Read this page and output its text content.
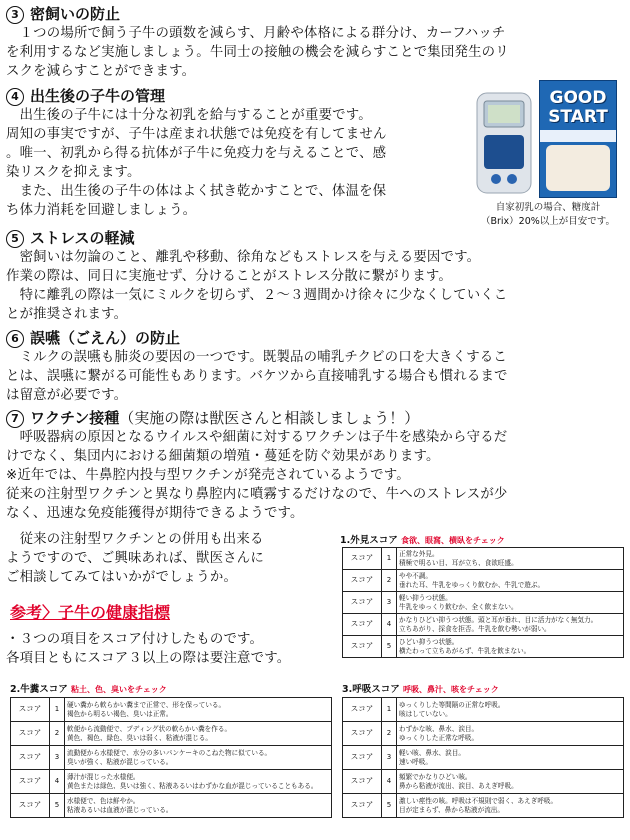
3 密飼いの防止
　１つの場所で飼う子牛の頭数を減らす、月齢や体格による群分け、カーフハッチ
を利用するなど実施しましょう。牛同士の接触の機会を減らすことで集団発生のリ
スクを減らすことができます。
4 出生後の子牛の管理
　出生後の子牛には十分な初乳を給与することが重要です。
周知の事実ですが、子牛は産まれ状態では免疫を有してません
。唯一、初乳から得る抗体が子牛に免疫力を与えることで、感
染リスクを抑えます。
　また、出生後の子牛の体はよく拭き乾かすことで、体温を保
ち体力消耗を回避しましょう。
GOOD
START
自家初乳の場合、糖度計
（Brix）20%以上が目安です。
5 ストレスの軽減
　密飼いは勿論のこと、離乳や移動、徐角などもストレスを与える要因です。
作業の際は、同日に実施せず、分けることがストレス分散に繋がります。
　特に離乳の際は一気にミルクを切らず、２～３週間かけ徐々に少なくしていくこ
とが推奨されます。
6 誤嚥（ごえん）の防止
　ミルクの誤嚥も肺炎の要因の一つです。既製品の哺乳チクビの口を大きくするこ
とは、誤嚥に繋がる可能性もあります。バケツから直接哺乳する場合も慣れるまで
は留意が必要です。
7 ワクチン接種（実施の際は獣医さんと相談しましょう！）
　呼吸器病の原因となるウイルスや細菌に対するワクチンは子牛を感染から守るだ
けでなく、集団内における細菌類の増殖・蔓延を防ぐ効果があります。
※近年では、牛鼻腔内投与型ワクチンが発売されているようです。
従来の注射型ワクチンと異なり鼻腔内に噴霧するだけなので、牛へのストレスが少
なく、迅速な免疫能獲得が期待できるようです。
　従来の注射型ワクチンとの併用も出来る
ようですので、ご興味あれば、獣医さんに
ご相談してみてはいかがでしょうか。
参考〉子牛の健康指標
・３つの項目をスコア付けしたものです。
各項目ともにスコア３以上の際は要注意です。
1.外見スコア 食欲、眼窩、横臥をチェック
スコア	1	正常な外見。
積極で明るい目、耳が立ち、食欲旺盛。

スコア	2	やや不調。
垂れた耳、牛乳をゆっくり飲むか、牛乳で遊ぶ。

スコア	3	軽い抑うつ状態。
牛乳をゆっくり飲むか、全く飲まない。

スコア	4	かなりひどい抑うつ状態。頭と耳が垂れ、目に活力がなく無気力。
立ちあがり、採食を拒否。牛乳を飲む勢いが弱い。

スコア	5	ひどい抑うつ状態。
横たわって立ちあがらず、牛乳を飲まない。
2.牛糞スコア 粘土、色、臭いをチェック
スコア	1	硬い糞から軟らかい糞まで正常で、形を保っている。
褐色から明るい褐色、臭いは正常。

スコア	2	軟便から流動便で、プディング状の軟らかい糞を作る。
黄色、褐色、緑色、臭いは弱く、粘液が混じる。

スコア	3	流動便から水様便で、水分の多いパンケーキのこねた物に似ている。
臭いが強く、粘液が混じっている。

スコア	4	薄汁が混じった水様便。
黄色または緑色、臭いは強く、粘液あるいはわずかな血が混じっていることもある。

スコア	5	水様便で、色は鮮やか。
粘液あるいは血液が混じっている。
3.呼吸スコア 呼吸、鼻汁、咳をチェック
スコア	1	ゆっくりした等間隔の正常な呼吸。
咳はしていない。

スコア	2	わずかな咳、鼻水、涙目。
ゆっくりした正常な呼吸。

スコア	3	軽い咳、鼻水、涙目。
速い呼吸。

スコア	4	頻繁でかなりひどい咳。
鼻から粘液が流出、涙目、あえぎ呼吸。

スコア	5	激しい痙性の咳。呼吸は不規則で弱く、あえぎ呼吸。
目が定まらず、鼻から粘液が流出。
